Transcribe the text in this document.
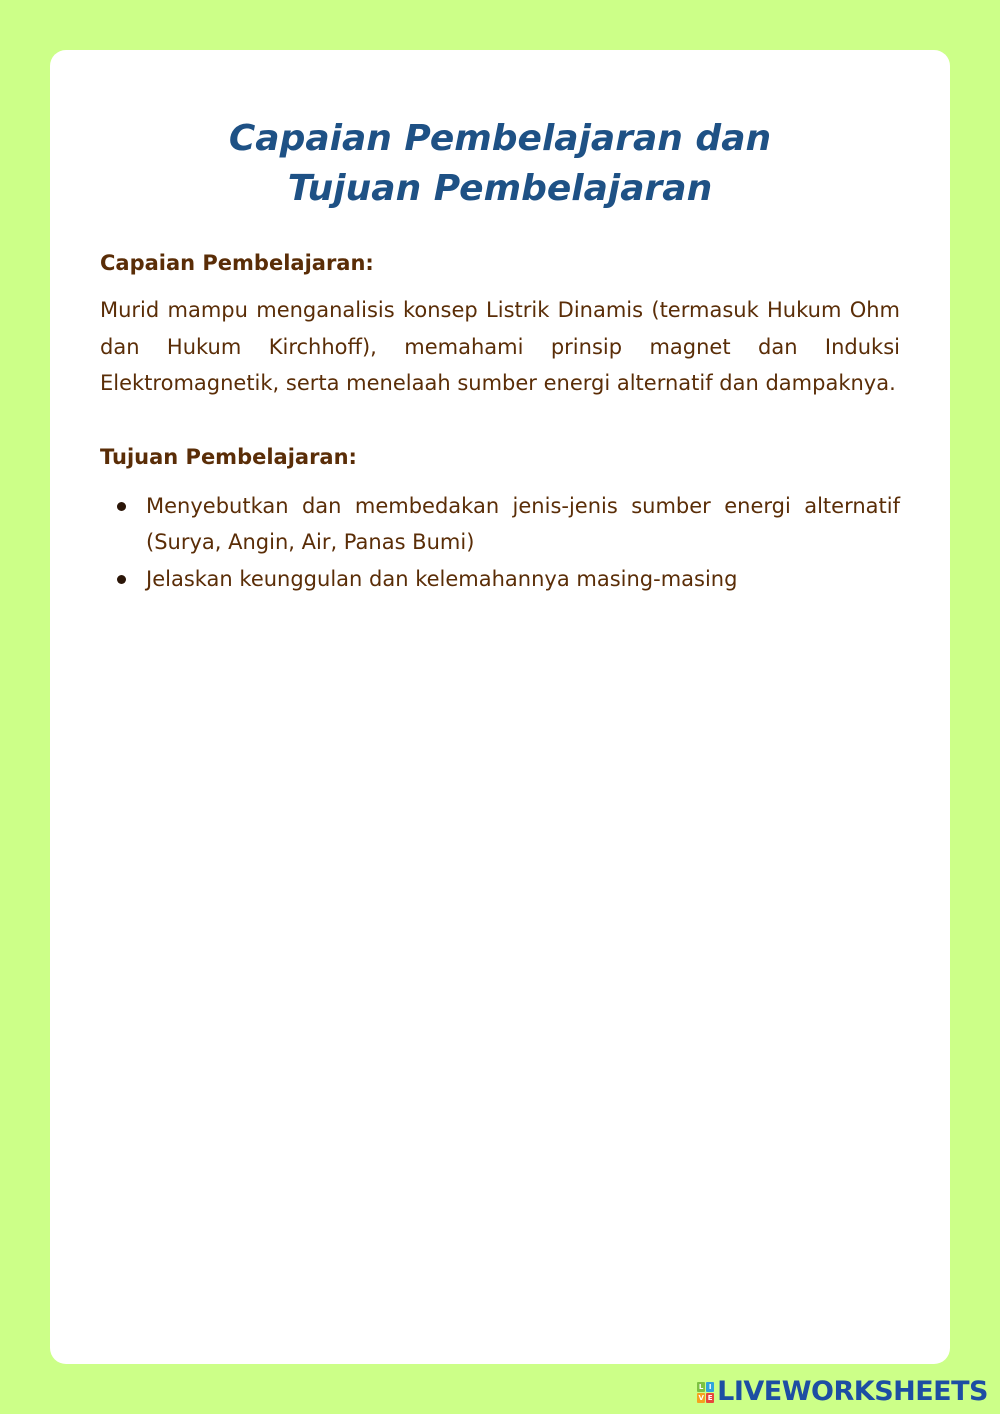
Capaian Pembelajaran dan Tujuan Pembelajaran
Capaian Pembelajaran:

Murid mampu menganalisis konsep Listrik Dinamis (termasuk Hukum Ohm dan Hukum Kirchhoff), memahami prinsip magnet dan Induksi Elektromagnetik, serta menelaah sumber energi alternatif dan dampaknya.

Tujuan Pembelajaran:
Menyebutkan dan membedakan jenis-jenis sumber energi alternatif (Surya, Angin, Air, Panas Bumi)
Jelaskan keunggulan dan kelemahannya masing-masing
L I
V E LIVEWORKSHEETS
